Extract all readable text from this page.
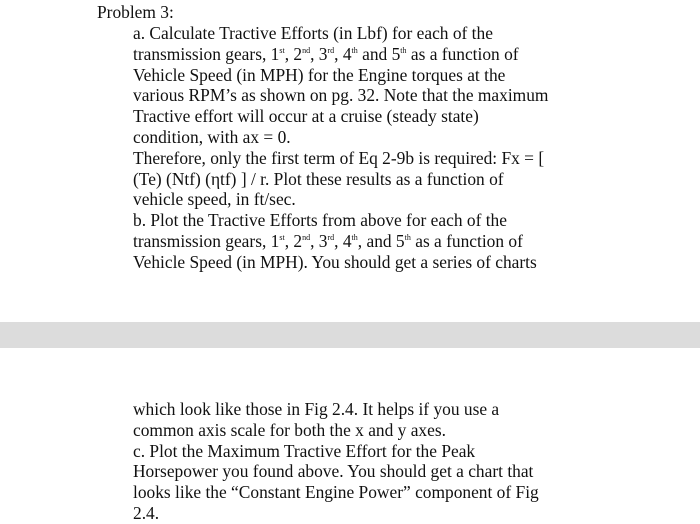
Problem 3:
a. Calculate Tractive Efforts (in Lbf) for each of the
transmission gears, 1st, 2nd, 3rd, 4th and 5th as a function of
Vehicle Speed (in MPH) for the Engine torques at the
various RPM’s as shown on pg. 32. Note that the maximum
Tractive effort will occur at a cruise (steady state)
condition, with ax = 0.
Therefore, only the first term of Eq 2-9b is required: Fx = [
(Te) (Ntf) (ηtf) ] / r. Plot these results as a function of
vehicle speed, in ft/sec.
b. Plot the Tractive Efforts from above for each of the
transmission gears, 1st, 2nd, 3rd, 4th, and 5th as a function of
Vehicle Speed (in MPH). You should get a series of charts
which look like those in Fig 2.4. It helps if you use a
common axis scale for both the x and y axes.
c. Plot the Maximum Tractive Effort for the Peak
Horsepower you found above. You should get a chart that
looks like the “Constant Engine Power” component of Fig
2.4.
